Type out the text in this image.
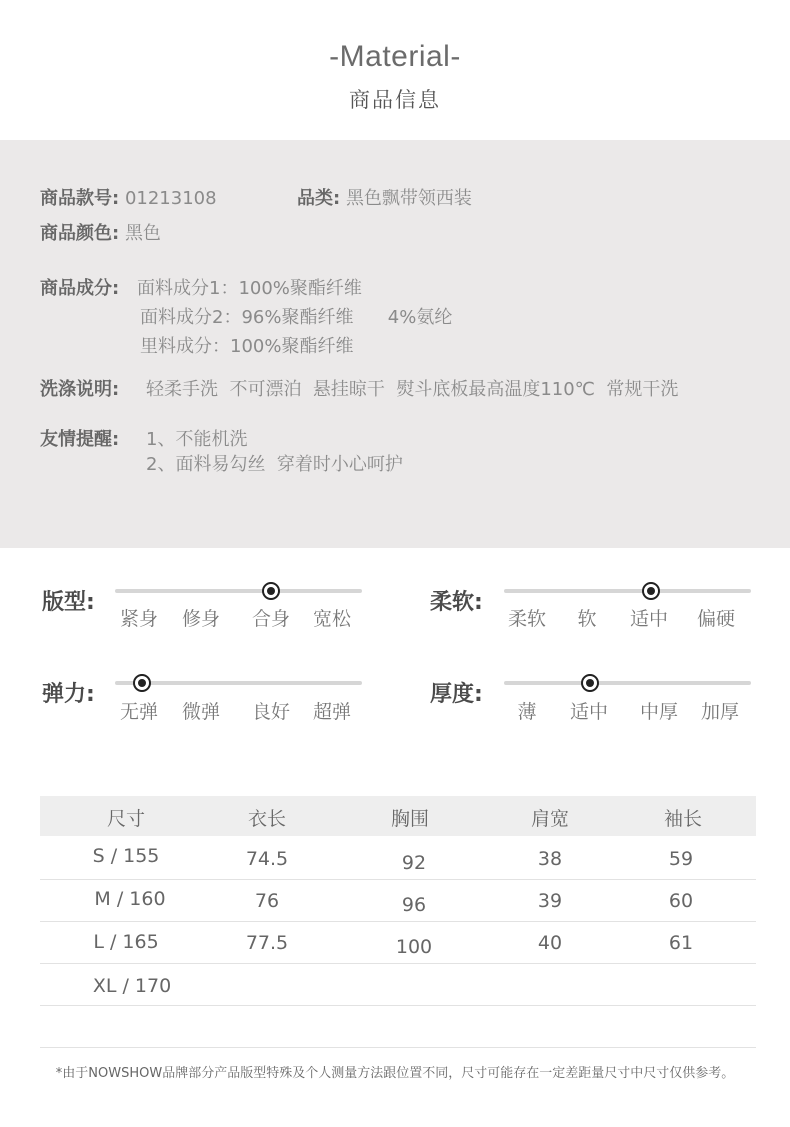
-Material-
商品信息
商品款号: 01213108	品类: 黑色飘带领西装
商品颜色: 黑色
商品成分: 面料成分1：100%聚酯纤维
面料成分2：96%聚酯纤维      4%氨纶
里料成分：100%聚酯纤维
洗涤说明: 轻柔手洗  不可漂泊  悬挂晾干  熨斗底板最高温度110℃  常规干洗
友情提醒: 1、不能机洗
2、面料易勾丝  穿着时小心呵护
版型:
紧身 修身 合身 宽松
柔软:
柔软 软 适中 偏硬
弹力:
无弹 微弹 良好 超弹
厚度:
薄 适中 中厚 加厚
尺寸	衣长	胸围	肩宽	袖长
S / 155	74.5	92	38	59
M / 160	76	96	39	60
L / 165	77.5	100	40	61
XL / 170
*由于NOWSHOW品牌部分产品版型特殊及个人测量方法跟位置不同，尺寸可能存在一定差距量尺寸中尺寸仅供参考。
